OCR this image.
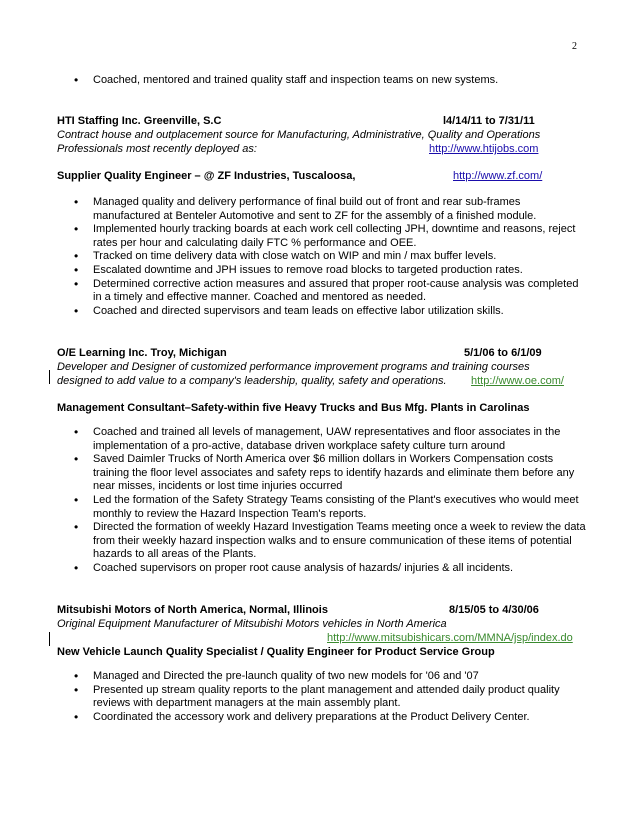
2
• Coached, mentored and trained quality staff and inspection teams on new systems.
HTI Staffing Inc. Greenville, S.C	l4/14/11 to 7/31/11
Contract house and outplacement source for Manufacturing, Administrative, Quality and Operations
Professionals most recently deployed as:	http://www.htijobs.com
Supplier Quality Engineer – @ ZF Industries, Tuscaloosa,	http://www.zf.com/
• Managed quality and delivery performance of final build out of front and rear sub-frames manufactured at Benteler Automotive and sent to ZF for the assembly of a finished module.
• Implemented hourly tracking boards at each work cell collecting JPH, downtime and reasons, reject rates per hour and calculating daily FTC % performance and OEE.
• Tracked on time delivery data with close watch on WIP and min / max buffer levels.
• Escalated downtime and JPH issues to remove road blocks to targeted production rates.
• Determined corrective action measures and assured that proper root-cause analysis was completed in a timely and effective manner. Coached and mentored as needed.
• Coached and directed supervisors and team leads on effective labor utilization skills.
O/E Learning Inc. Troy, Michigan	5/1/06 to 6/1/09
Developer and Designer of customized performance improvement programs and training courses
designed to add value to a company's leadership, quality, safety and operations. http://www.oe.com/
Management Consultant–Safety-within five Heavy Trucks and Bus Mfg. Plants in Carolinas
• Coached and trained all levels of management, UAW representatives and floor associates in the implementation of a pro-active, database driven workplace safety culture turn around
• Saved Daimler Trucks of North America over $6 million dollars in Workers Compensation costs training the floor level associates and safety reps to identify hazards and eliminate them before any near misses, incidents or lost time injuries occurred
• Led the formation of the Safety Strategy Teams consisting of the Plant's executives who would meet monthly to review the Hazard Inspection Team's reports.
• Directed the formation of weekly Hazard Investigation Teams meeting once a week to review the data from their weekly hazard inspection walks and to ensure communication of these items of potential hazards to all areas of the Plants.
• Coached supervisors on proper root cause analysis of hazards/ injuries & all incidents.
Mitsubishi Motors of North America, Normal, Illinois	8/15/05 to 4/30/06
Original Equipment Manufacturer of Mitsubishi Motors vehicles in North America
http://www.mitsubishicars.com/MMNA/jsp/index.do
New Vehicle Launch Quality Specialist / Quality Engineer for Product Service Group
• Managed and Directed the pre-launch quality of two new models for '06 and '07
• Presented up stream quality reports to the plant management and attended daily product quality reviews with department managers at the main assembly plant.
• Coordinated the accessory work and delivery preparations at the Product Delivery Center.
